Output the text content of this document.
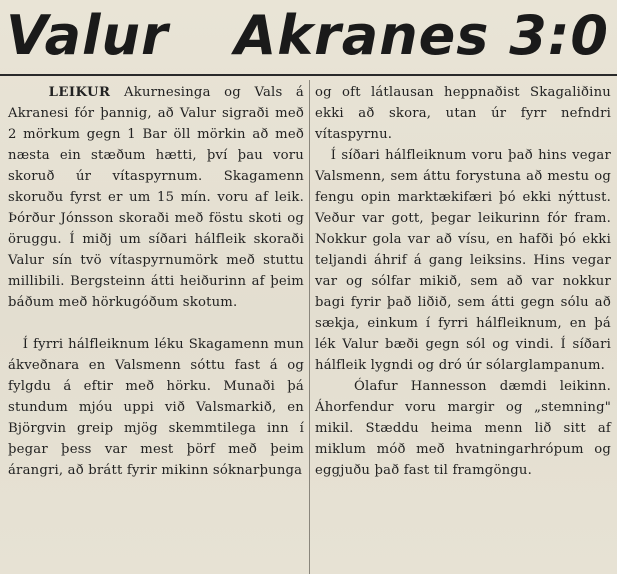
Valur Akranes 3:0

LEIKUR Akurnesinga og Vals á Akranesi fór þannig, að Valur sigraði með 2 mörkum gegn 1 Bar öll mörkin að með næsta ein stæðum hætti, því þau voru skoruð úr vítaspyrnum. Skagamenn skoruðu fyrst er um 15 mín. voru af leik. Þórður Jónsson skoraði með föstu skoti og öruggu. Í miðj um síðari hálfleik skoraði Valur sín tvö vítaspyrnumörk með stuttu millibili. Bergsteinn átti heiðurinn af þeim báðum með hörkugóðum skotum.

Í fyrri hálfleiknum léku Skagamenn mun ákveðnara en Valsmenn sóttu fast á og fylgdu á eftir með hörku. Munaði þá stundum mjóu uppi við Valsmarkið, en Björgvin greip mjög skemmtilega inn í þegar þess var mest þörf með þeim árangri, að brátt fyrir mikinn sóknarþunga

og oft látlausan heppnaðist Skagaliðinu ekki að skora, utan úr fyrr nefndri vítaspyrnu.

Í síðari hálfleiknum voru það hins vegar Valsmenn, sem áttu forystuna að mestu og fengu opin marktækifæri þó ekki nýttust. Veður var gott, þegar leikurinn fór fram. Nokkur gola var að vísu, en hafði þó ekki teljandi áhrif á gang leiksins. Hins vegar var og sólfar mikið, sem að var nokkur bagi fyrir það liðið, sem átti gegn sólu að sækja, einkum í fyrri hálfleiknum, en þá lék Valur bæði gegn sól og vindi. Í síðari hálfleik lygndi og dró úr sólarglampanum.

Ólafur Hannesson dæmdi leikinn. Áhorfendur voru margir og „stemning" mikil. Stæddu heima menn lið sitt af miklum móð með hvatningarhrópum og eggjuðu það fast til framgöngu.
